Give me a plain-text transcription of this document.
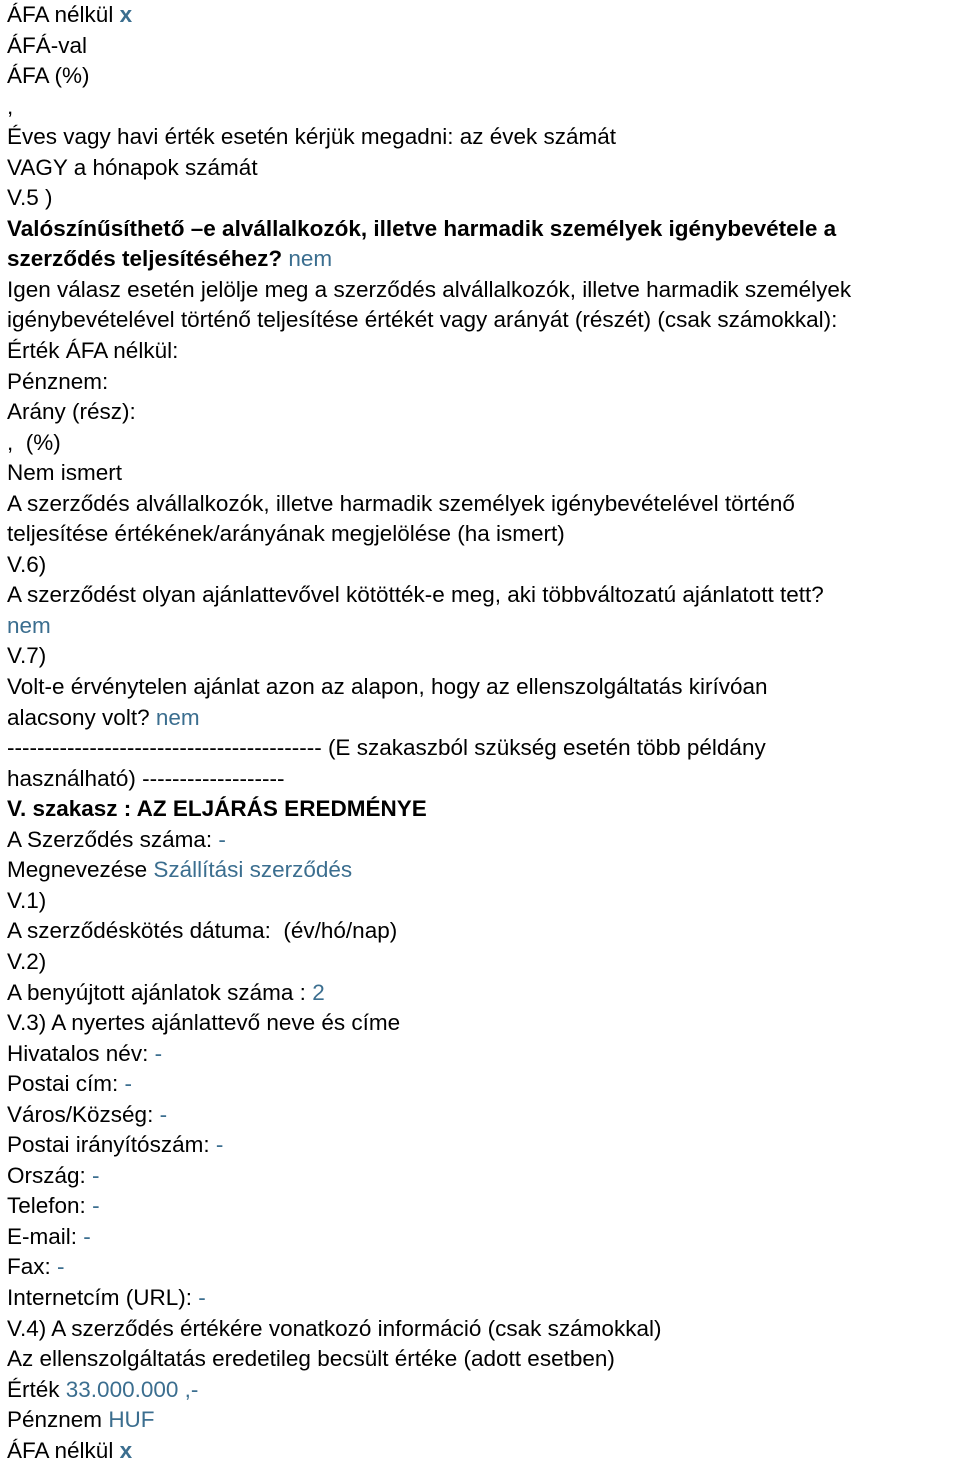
ÁFA nélkül x
ÁFÁ-val
ÁFA (%)
,
Éves vagy havi érték esetén kérjük megadni: az évek számát
VAGY a hónapok számát
V.5 )
Valószínűsíthető –e alvállalkozók, illetve harmadik személyek igénybevétele a
szerződés teljesítéséhez? nem
Igen válasz esetén jelölje meg a szerződés alvállalkozók, illetve harmadik személyek
igénybevételével történő teljesítése értékét vagy arányát (részét) (csak számokkal):
Érték ÁFA nélkül:
Pénznem:
Arány (rész):
,  (%)
Nem ismert
A szerződés alvállalkozók, illetve harmadik személyek igénybevételével történő
teljesítése értékének/arányának megjelölése (ha ismert)
V.6)
A szerződést olyan ajánlattevővel kötötték-e meg, aki többváltozatú ajánlatott tett?
nem
V.7)
Volt-e érvénytelen ajánlat azon az alapon, hogy az ellenszolgáltatás kirívóan
alacsony volt? nem
------------------------------------------ (E szakaszból szükség esetén több példány
használható) -------------------
V. szakasz : AZ ELJÁRÁS EREDMÉNYE
A Szerződés száma: -
Megnevezése Szállítási szerződés
V.1)
A szerződéskötés dátuma:  (év/hó/nap)
V.2)
A benyújtott ajánlatok száma : 2
V.3) A nyertes ajánlattevő neve és címe
Hivatalos név: -
Postai cím: -
Város/Község: -
Postai irányítószám: -
Ország: -
Telefon: -
E-mail: -
Fax: -
Internetcím (URL): -
V.4) A szerződés értékére vonatkozó információ (csak számokkal)
Az ellenszolgáltatás eredetileg becsült értéke (adott esetben)
Érték 33.000.000 ,-
Pénznem HUF
ÁFA nélkül x
